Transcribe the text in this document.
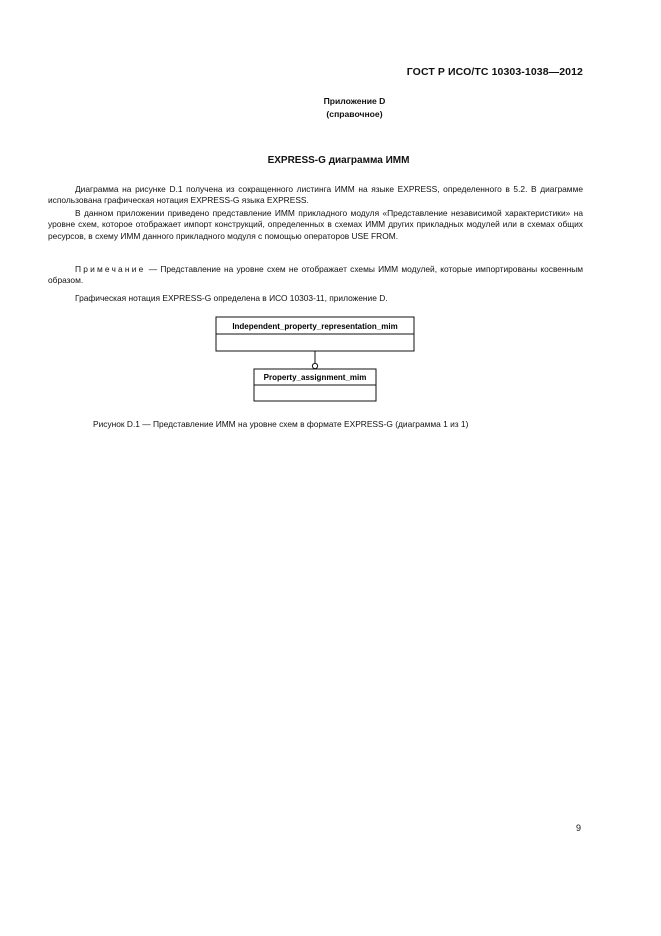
ГОСТ Р ИСО/ТС 10303-1038—2012
Приложение D
(справочное)
EXPRESS-G диаграмма ИММ

Диаграмма на рисунке D.1 получена из сокращенного листинга ИММ на языке EXPRESS, определенного в 5.2. В диаграмме использована графическая нотация EXPRESS-G языка EXPRESS.

В данном приложении приведено представление ИММ прикладного модуля «Представление независимой характеристики» на уровне схем, которое отображает импорт конструкций, определенных в схемах ИММ других прикладных модулей или в схемах общих ресурсов, в схему ИММ данного прикладного модуля с помощью операторов USE FROM.

Примечание — Представление на уровне схем не отображает схемы ИММ модулей, которые импортированы косвенным образом.

Графическая нотация EXPRESS-G определена в ИСО 10303-11, приложение D.

Independent_property_representation_mim
Property_assignment_mim
Рисунок D.1 — Представление ИММ на уровне схем в формате EXPRESS-G (диаграмма 1 из 1)
9
